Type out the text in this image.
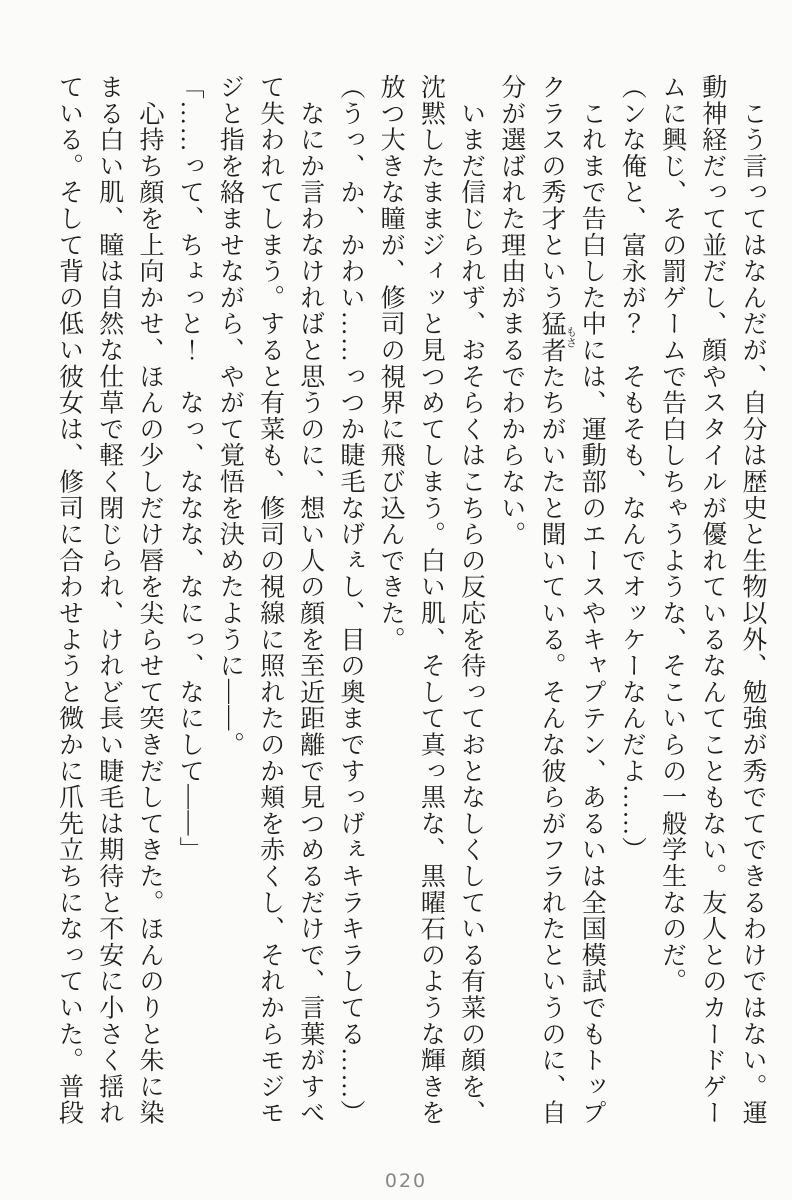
　こう言ってはなんだが、自分は歴史と生物以外、勉強が秀でてできるわけではない。運動神経だって並だし、顔やスタイルが優れているなんてこともない。友人とのカードゲームに興じ、その罰ゲームで告白しちゃうような、そこいらの一般学生なのだ。

（ンな俺と、富永が？　そもそも、なんでオッケーなんだよ……）

　これまで告白した中には、運動部のエースやキャプテン、あるいは全国模試でもトップクラスの秀才という猛者 もさたちがいたと聞いている。そんな彼らがフラれたというのに、自分が選ばれた理由がまるでわからない。

　いまだ信じられず、おそらくはこちらの反応を待っておとなしくしている有菜の顔を、沈黙したままジィッと見つめてしまう。白い肌、そして真っ黒な、黒曜石のような輝きを放つ大きな瞳が、修司の視界に飛び込んできた。

（うっ、か、かわい……っつか睫毛なげぇし、目の奥まですっげぇキラキラしてる……）

　なにか言わなければと思うのに、想い人の顔を至近距離で見つめるだけで、言葉がすべて失われてしまう。すると有菜も、修司の視線に照れたのか頬を赤くし、それからモジモジと指を絡ませながら、やがて覚悟を決めたように――。

「……って、ちょっと！　なっ、ななな、なにっ、なにして――」

　心持ち顔を上向かせ、ほんの少しだけ唇を尖らせて突きだしてきた。ほんのりと朱に染まる白い肌、瞳は自然な仕草で軽く閉じられ、けれど長い睫毛は期待と不安に小さく揺れている。そして背の低い彼女は、修司に合わせようと微かに爪先立ちになっていた。普段

020
